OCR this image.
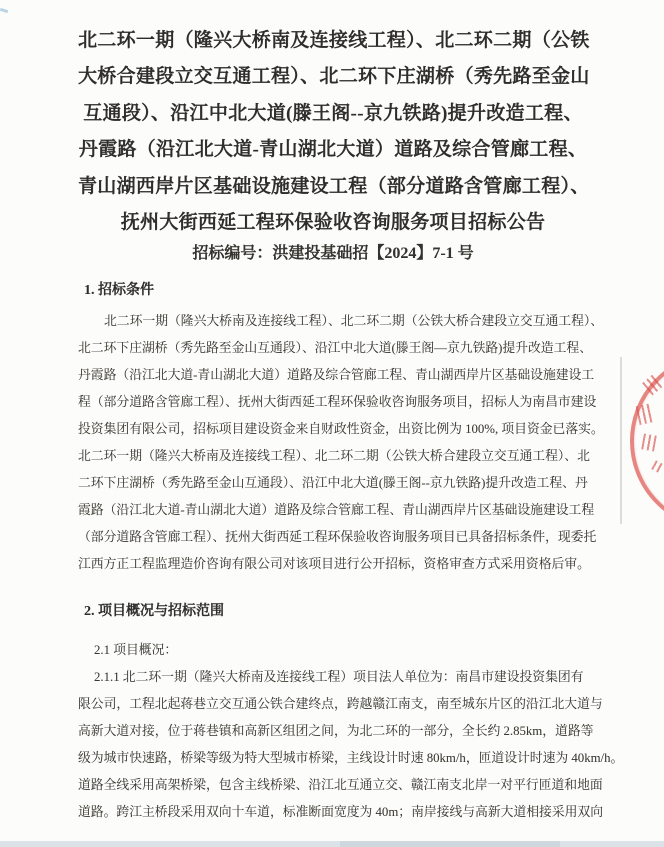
北二环一期（隆兴大桥南及连接线工程）、北二环二期（公铁
大桥合建段立交互通工程）、北二环下庄湖桥（秀先路至金山
互通段）、沿江中北大道(滕王阁--京九铁路)提升改造工程、
丹霞路（沿江北大道-青山湖北大道）道路及综合管廊工程、
青山湖西岸片区基础设施建设工程（部分道路含管廊工程）、
抚州大街西延工程环保验收咨询服务项目招标公告
招标编号：洪建投基础招【2024】7-1 号
1. 招标条件
北二环一期（隆兴大桥南及连接线工程）、北二环二期（公铁大桥合建段立交互通工程）、
北二环下庄湖桥（秀先路至金山互通段）、沿江中北大道(滕王阁—京九铁路)提升改造工程、
丹霞路（沿江北大道-青山湖北大道）道路及综合管廊工程、青山湖西岸片区基础设施建设工
程（部分道路含管廊工程）、抚州大街西延工程环保验收咨询服务项目，招标人为南昌市建设
投资集团有限公司，招标项目建设资金来自财政性资金，出资比例为 100%, 项目资金已落实。
北二环一期（隆兴大桥南及连接线工程）、北二环二期（公铁大桥合建段立交互通工程）、北
二环下庄湖桥（秀先路至金山互通段）、沿江中北大道(滕王阁--京九铁路)提升改造工程、丹
霞路（沿江北大道-青山湖北大道）道路及综合管廊工程、青山湖西岸片区基础设施建设工程
（部分道路含管廊工程）、抚州大街西延工程环保验收咨询服务项目已具备招标条件，现委托
江西方正工程监理造价咨询有限公司对该项目进行公开招标，资格审查方式采用资格后审。
2. 项目概况与招标范围
2.1 项目概况：
2.1.1 北二环一期（隆兴大桥南及连接线工程）项目法人单位为：南昌市建设投资集团有
限公司，工程北起蒋巷立交互通公铁合建终点，跨越赣江南支，南至城东片区的沿江北大道与
高新大道对接，位于蒋巷镇和高新区组团之间，为北二环的一部分，全长约 2.85km，道路等
级为城市快速路，桥梁等级为特大型城市桥梁，主线设计时速 80km/h，匝道设计时速为 40km/h。
道路全线采用高架桥梁，包含主线桥梁、沿江北互通立交、赣江南支北岸一对平行匝道和地面
道路。跨江主桥段采用双向十车道，标准断面宽度为 40m；南岸接线与高新大道相接采用双向
